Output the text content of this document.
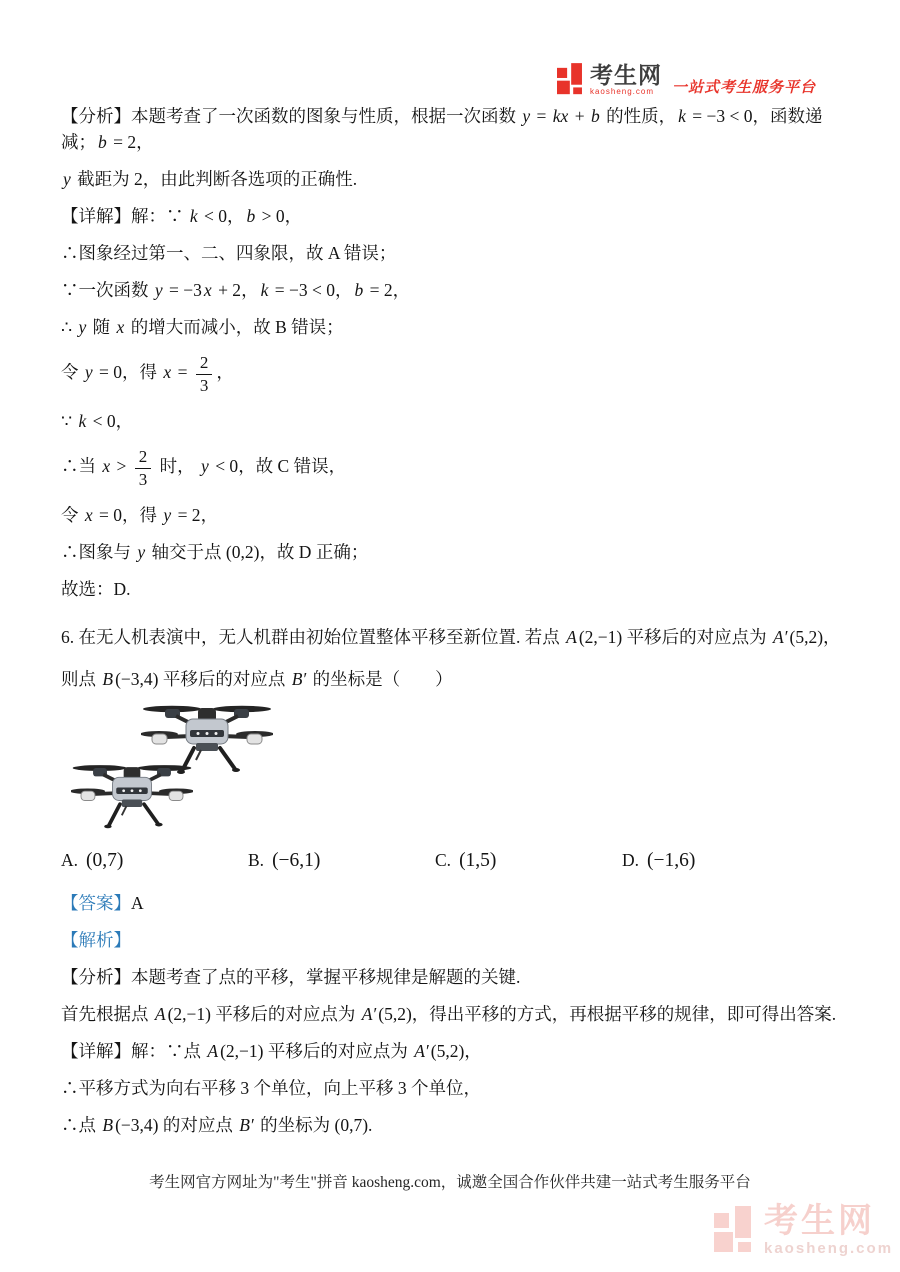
考生网
kaosheng.com	一站式考生服务平台
【分析】本题考查了一次函数的图象与性质，根据一次函数 y = kx + b 的性质， k = −3 < 0，函数递减； b = 2，
y 截距为 2，由此判断各选项的正确性.
【详解】解：∵ k < 0， b > 0，
∴图象经过第一、二、四象限，故 A 错误；
∵一次函数 y = −3 x + 2， k = −3 < 0， b = 2，
∴ y 随 x 的增大而减小，故 B 错误；
令 y = 0，得 $x = \frac{2}{3}$ ，
∵ k < 0，
∴当 $x > \frac{2}{3}$ 时， y < 0，故 C 错误，
令 x = 0，得 y = 2，
∴图象与 y 轴交于点 (0,2)，故 D 正确；
故选：D.
6. 在无人机表演中，无人机群由初始位置整体平移至新位置. 若点 A (2,−1) 平移后的对应点为 A′ (5,2)，
则点 B (−3,4) 平移后的对应点 B′ 的坐标是（　　）
A. (0,7)	B. (−6,1)	C. (1,5)	D. (−1,6)
【答案】A
【解析】
【分析】本题考查了点的平移，掌握平移规律是解题的关键.
首先根据点 A (2,−1) 平移后的对应点为 A′ (5,2)，得出平移的方式，再根据平移的规律，即可得出答案.
【详解】解：∵点 A (2,−1) 平移后的对应点为 A′ (5,2)，
∴平移方式为向右平移 3 个单位，向上平移 3 个单位，
∴点 B (−3,4) 的对应点 B′ 的坐标为 (0,7).
考生网官方网址为"考生"拼音 kaosheng.com，诚邀全国合作伙伴共建一站式考生服务平台
考生网
kaosheng.com
